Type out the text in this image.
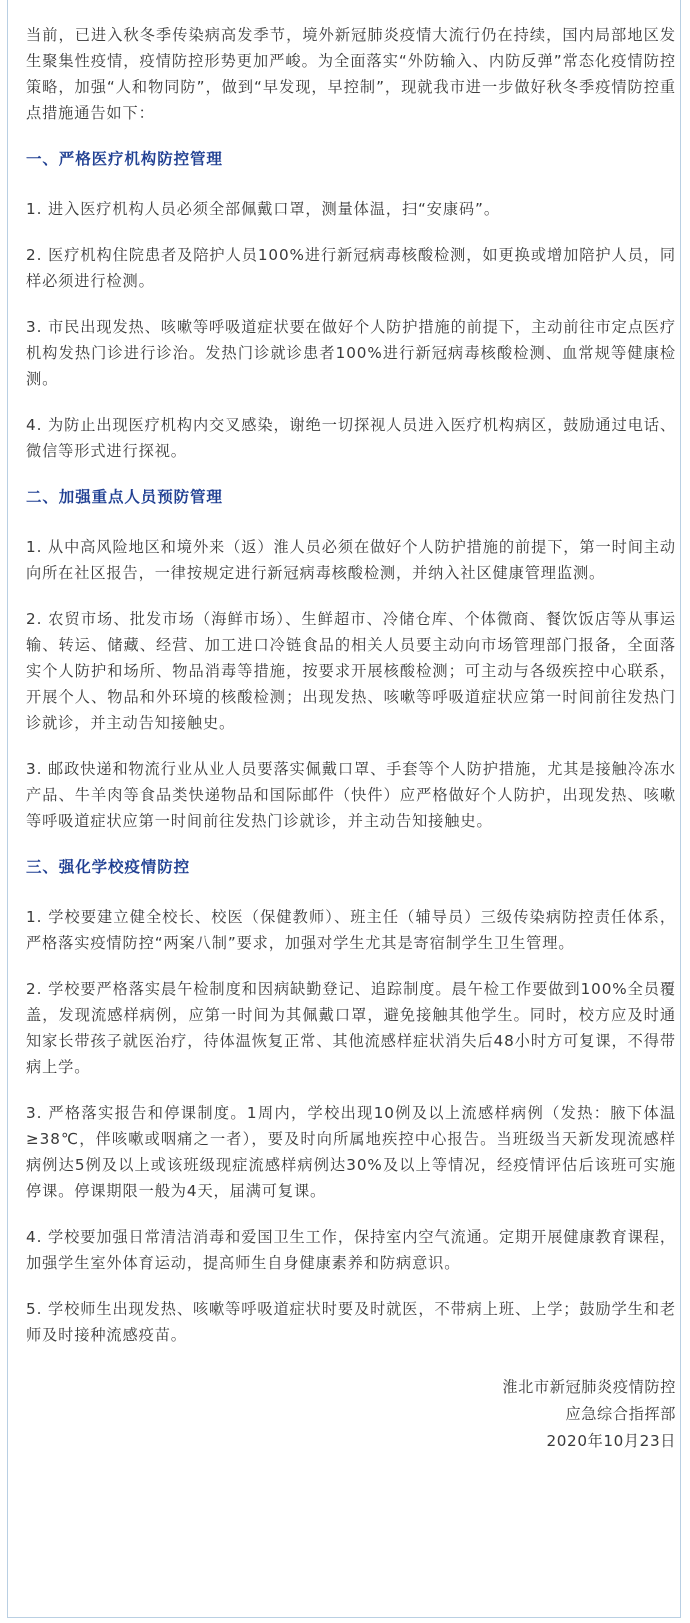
当前，已进入秋冬季传染病高发季节，境外新冠肺炎疫情大流行仍在持续，国内局部地区发生聚集性疫情，疫情防控形势更加严峻。为全面落实“外防输入、内防反弹”常态化疫情防控策略，加强“人和物同防”，做到“早发现，早控制”，现就我市进一步做好秋冬季疫情防控重点措施通告如下：

一、严格医疗机构防控管理

1. 进入医疗机构人员必须全部佩戴口罩，测量体温，扫“安康码”。

2. 医疗机构住院患者及陪护人员100%进行新冠病毒核酸检测，如更换或增加陪护人员，同样必须进行检测。

3. 市民出现发热、咳嗽等呼吸道症状要在做好个人防护措施的前提下，主动前往市定点医疗机构发热门诊进行诊治。发热门诊就诊患者100%进行新冠病毒核酸检测、血常规等健康检测。

4. 为防止出现医疗机构内交叉感染，谢绝一切探视人员进入医疗机构病区，鼓励通过电话、微信等形式进行探视。

二、加强重点人员预防管理

1. 从中高风险地区和境外来（返）淮人员必须在做好个人防护措施的前提下，第一时间主动向所在社区报告，一律按规定进行新冠病毒核酸检测，并纳入社区健康管理监测。

2. 农贸市场、批发市场（海鲜市场）、生鲜超市、冷储仓库、个体微商、餐饮饭店等从事运输、转运、储藏、经营、加工进口冷链食品的相关人员要主动向市场管理部门报备，全面落实个人防护和场所、物品消毒等措施，按要求开展核酸检测；可主动与各级疾控中心联系，开展个人、物品和外环境的核酸检测；出现发热、咳嗽等呼吸道症状应第一时间前往发热门诊就诊，并主动告知接触史。

3. 邮政快递和物流行业从业人员要落实佩戴口罩、手套等个人防护措施，尤其是接触冷冻水产品、牛羊肉等食品类快递物品和国际邮件（快件）应严格做好个人防护，出现发热、咳嗽等呼吸道症状应第一时间前往发热门诊就诊，并主动告知接触史。

三、强化学校疫情防控

1. 学校要建立健全校长、校医（保健教师）、班主任（辅导员）三级传染病防控责任体系，严格落实疫情防控“两案八制”要求，加强对学生尤其是寄宿制学生卫生管理。

2. 学校要严格落实晨午检制度和因病缺勤登记、追踪制度。晨午检工作要做到100%全员覆盖，发现流感样病例，应第一时间为其佩戴口罩，避免接触其他学生。同时，校方应及时通知家长带孩子就医治疗，待体温恢复正常、其他流感样症状消失后48小时方可复课，不得带病上学。

3. 严格落实报告和停课制度。1周内，学校出现10例及以上流感样病例（发热：腋下体温≥38℃，伴咳嗽或咽痛之一者），要及时向所属地疾控中心报告。当班级当天新发现流感样病例达5例及以上或该班级现症流感样病例达30%及以上等情况，经疫情评估后该班可实施停课。停课期限一般为4天，届满可复课。

4. 学校要加强日常清洁消毒和爱国卫生工作，保持室内空气流通。定期开展健康教育课程，加强学生室外体育运动，提高师生自身健康素养和防病意识。

5. 学校师生出现发热、咳嗽等呼吸道症状时要及时就医，不带病上班、上学；鼓励学生和老师及时接种流感疫苗。

淮北市新冠肺炎疫情防控

应急综合指挥部

2020年10月23日
